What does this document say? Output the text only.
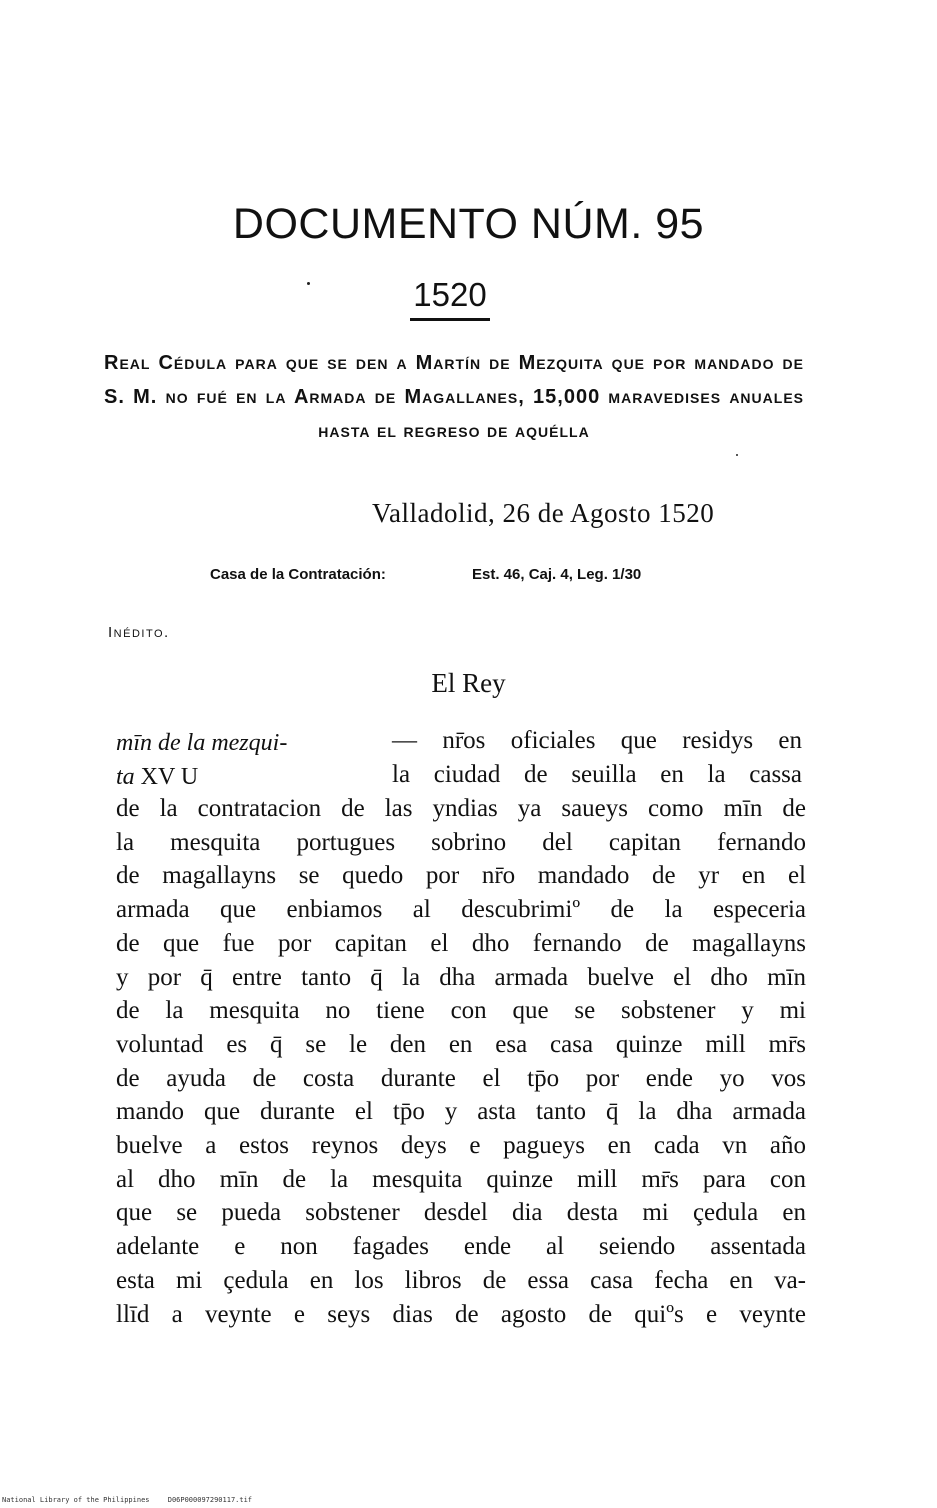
DOCUMENTO NÚM. 95
1520
Real Cédula para que se den a Martín de Mezquita que por mandado de S. M. no fué en la Armada de Magallanes, 15,000 maravedises anuales hasta el regreso de aquélla
Valladolid, 26 de Agosto 1520
Casa de la Contratación:	Est. 46, Caj. 4, Leg. 1/30
Inédito.
El Rey
mīn de la mezqui-
ta XV U
— nr̄os oficiales que residys en
la ciudad de seuilla en la cassa
de la contratacion de las yndias ya saueys como mīn de
la mesquita portugues sobrino del capitan fernando
de magallayns se quedo por nr̄o mandado de yr en el
armada que enbiamos al descubrimiº de la especeria
de que fue por capitan el dho fernando de magallayns
y por q̄ entre tanto q̄ la dha armada buelve el dho mīn
de la mesquita no tiene con que se sobstener y mi
voluntad es q̄ se le den en esa casa quinze mill mr̄s
de ayuda de costa durante el tp̄o por ende yo vos
mando que durante el tp̄o y asta tanto q̄ la dha armada
buelve a estos reynos deys e pagueys en cada vn año
al dho mīn de la mesquita quinze mill mr̄s para con
que se pueda sobstener desdel dia desta mi çedula en
adelante e non fagades ende al seiendo assentada
esta mi çedula en los libros de essa casa fecha en va-
llīd a veynte e seys dias de agosto de quiºs e veynte
National Library of the Philippines	D06P000097290117.tif
